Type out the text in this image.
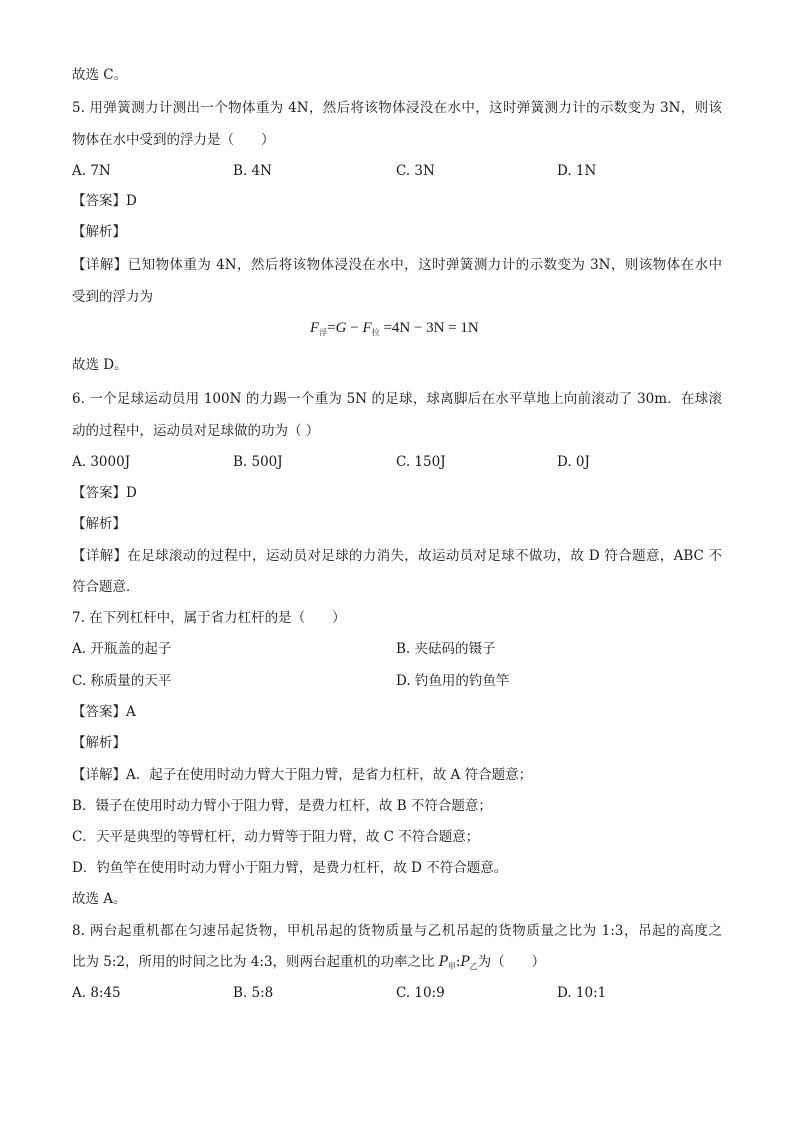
故选 C。
5. 用弹簧测力计测出一个物体重为 4N，然后将该物体浸没在水中，这时弹簧测力计的示数变为 3N，则该
物体在水中受到的浮力是（　　）
A. 7N	B. 4N	C. 3N	D. 1N
【答案】D
【解析】
【详解】已知物体重为 4N，然后将该物体浸没在水中，这时弹簧测力计的示数变为 3N，则该物体在水中
受到的浮力为
$F_浮=G - F_拉 =4N - 3N = 1N$
故选 D。
6. 一个足球运动员用 100N 的力踢一个重为 5N 的足球，球离脚后在水平草地上向前滚动了 30m．在球滚
动的过程中，运动员对足球做的功为（ ）
A. 3000J	B. 500J	C. 150J	D. 0J
【答案】D
【解析】
【详解】在足球滚动的过程中，运动员对足球的力消失，故运动员对足球不做功，故 D 符合题意，ABC 不
符合题意．
7. 在下列杠杆中，属于省力杠杆的是（　　）
A. 开瓶盖的起子	B. 夹砝码的镊子
C. 称质量的天平	D. 钓鱼用的钓鱼竿
【答案】A
【解析】
【详解】A．起子在使用时动力臂大于阻力臂，是省力杠杆，故 A 符合题意；
B．镊子在使用时动力臂小于阻力臂，是费力杠杆，故 B 不符合题意；
C．天平是典型的等臂杠杆，动力臂等于阻力臂，故 C 不符合题意；
D．钓鱼竿在使用时动力臂小于阻力臂，是费力杠杆，故 D 不符合题意。
故选 A。
8. 两台起重机都在匀速吊起货物，甲机吊起的货物质量与乙机吊起的货物质量之比为 1:3，吊起的高度之
比为 5:2，所用的时间之比为 4:3，则两台起重机的功率之比 $P_甲:P_乙$为（　　）
A. 8:45	B. 5:8	C. 10:9	D. 10:1
